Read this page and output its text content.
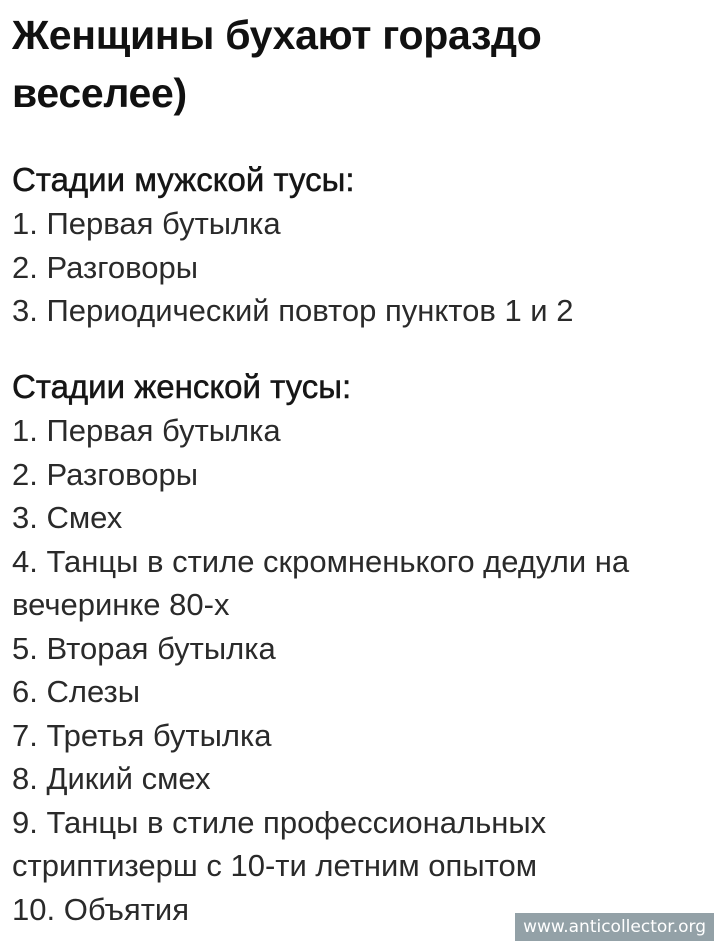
Женщины бухают гораздо веселее)
Стадии мужской тусы:
1. Первая бутылка
2. Разговоры
3. Периодический повтор пунктов 1 и 2
Стадии женской тусы:
1. Первая бутылка
2. Разговоры
3. Смех
4. Танцы в стиле скромненького дедули на вечеринке 80-х
5. Вторая бутылка
6. Слезы
7. Третья бутылка
8. Дикий смех
9. Танцы в стиле профессиональных стриптизерш с 10-ти летним опытом
10. Объятия
www.anticollector.org
